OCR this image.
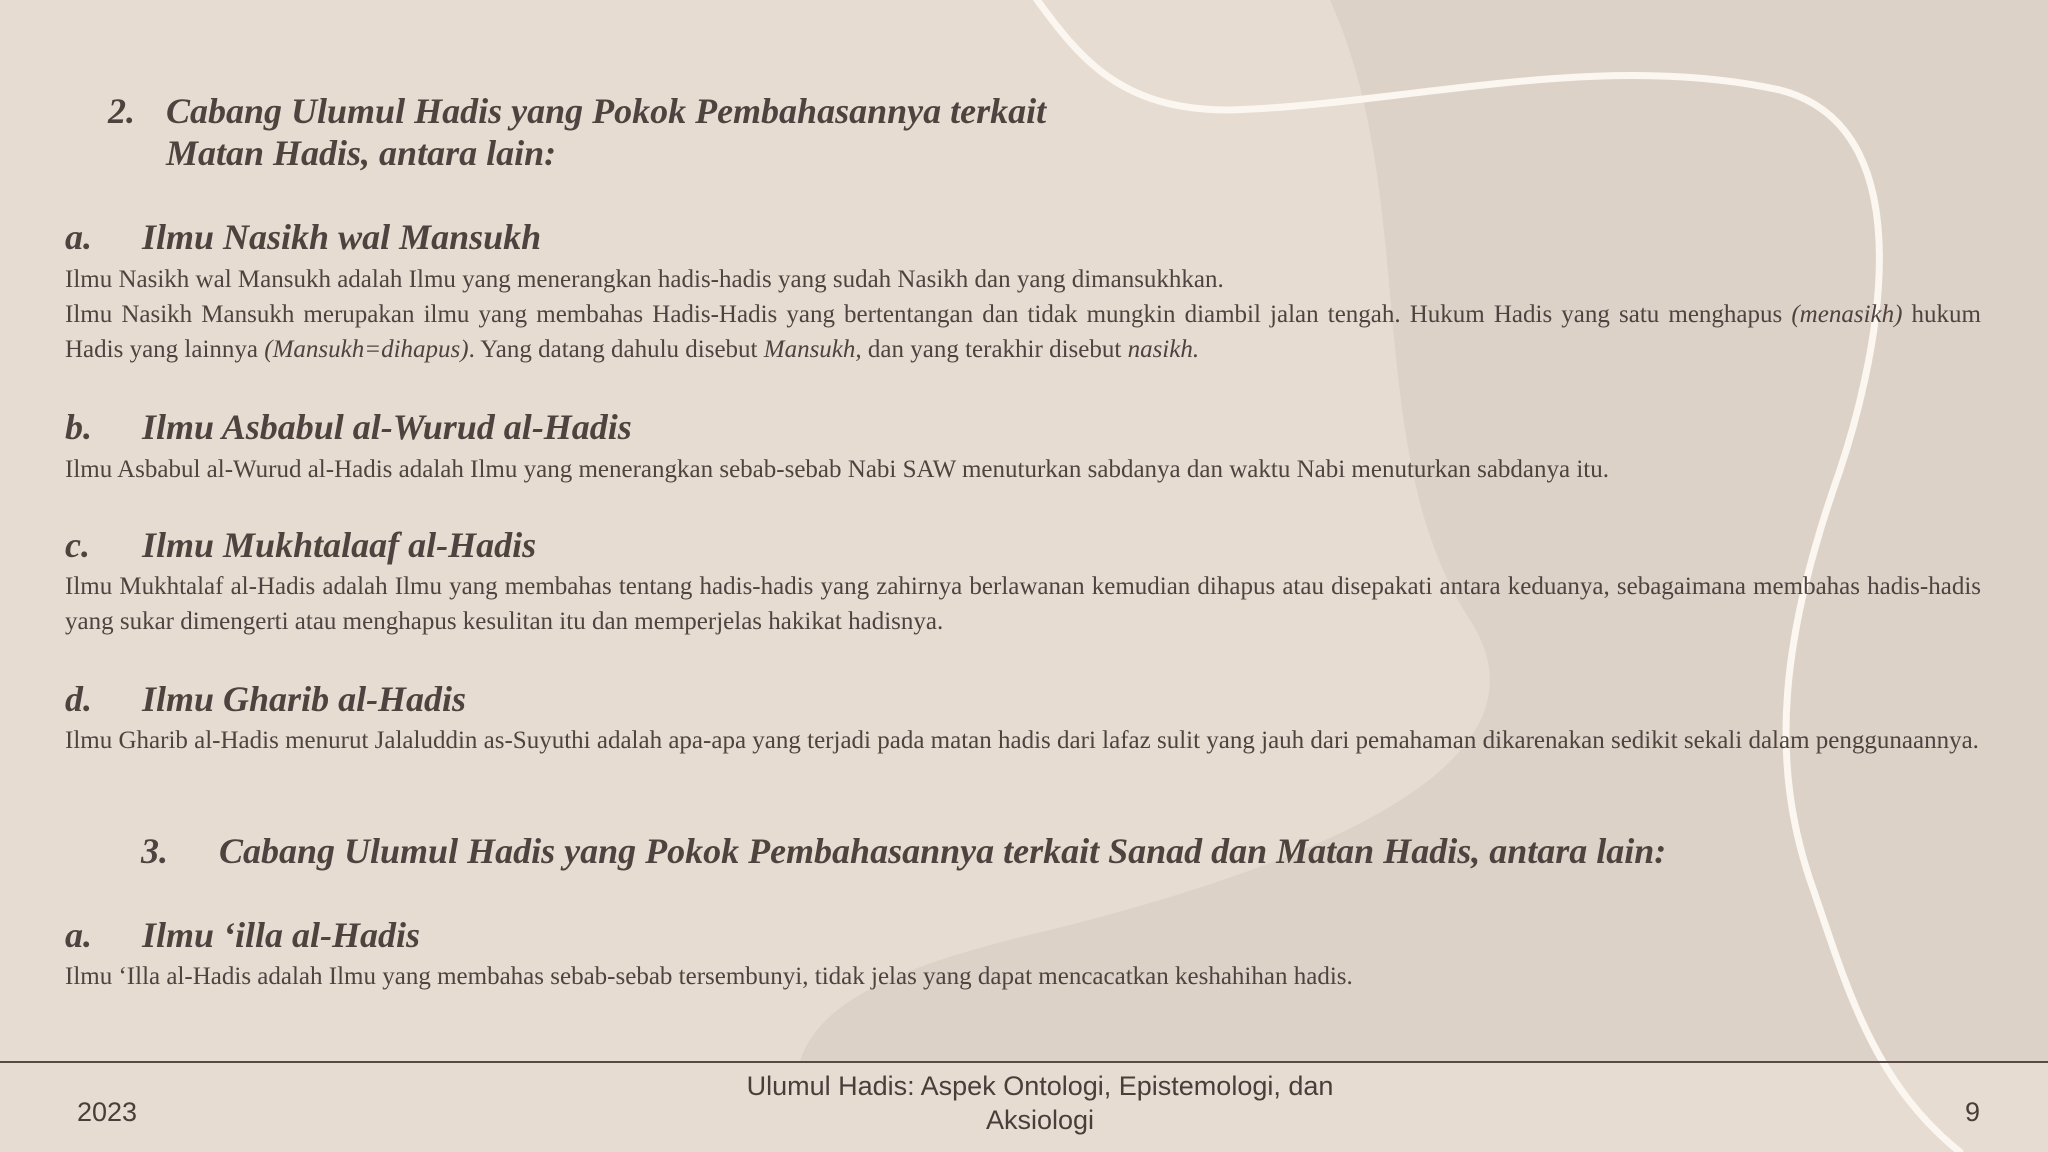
2. Cabang Ulumul Hadis yang Pokok Pembahasannya terkait Matan Hadis, antara lain:
a. Ilmu Nasikh wal Mansukh

Ilmu Nasikh wal Mansukh adalah Ilmu yang menerangkan hadis-hadis yang sudah Nasikh dan yang dimansukhkan.

Ilmu Nasikh Mansukh merupakan ilmu yang membahas Hadis-Hadis yang bertentangan dan tidak mungkin diambil jalan tengah. Hukum Hadis yang satu menghapus (menasikh) hukum Hadis yang lainnya (Mansukh=dihapus). Yang datang dahulu disebut Mansukh, dan yang terakhir disebut nasikh.

b. Ilmu Asbabul al-Wurud al-Hadis

Ilmu Asbabul al-Wurud al-Hadis adalah Ilmu yang menerangkan sebab-sebab Nabi SAW menuturkan sabdanya dan waktu Nabi menuturkan sabdanya itu.

c. Ilmu Mukhtalaaf al-Hadis

Ilmu Mukhtalaf al-Hadis adalah Ilmu yang membahas tentang hadis-hadis yang zahirnya berlawanan kemudian dihapus atau disepakati antara keduanya, sebagaimana membahas hadis-hadis yang sukar dimengerti atau menghapus kesulitan itu dan memperjelas hakikat hadisnya.

d. Ilmu Gharib al-Hadis

Ilmu Gharib al-Hadis menurut Jalaluddin as-Suyuthi adalah apa-apa yang terjadi pada matan hadis dari lafaz sulit yang jauh dari pemahaman dikarenakan sedikit sekali dalam penggunaannya.

3. Cabang Ulumul Hadis yang Pokok Pembahasannya terkait Sanad dan Matan Hadis, antara lain:
a. Ilmu ‘illa al-Hadis

Ilmu ‘Illa al-Hadis adalah Ilmu yang membahas sebab-sebab tersembunyi, tidak jelas yang dapat mencacatkan keshahihan hadis.

2023
Ulumul Hadis: Aspek Ontologi, Epistemologi, dan Aksiologi	9
